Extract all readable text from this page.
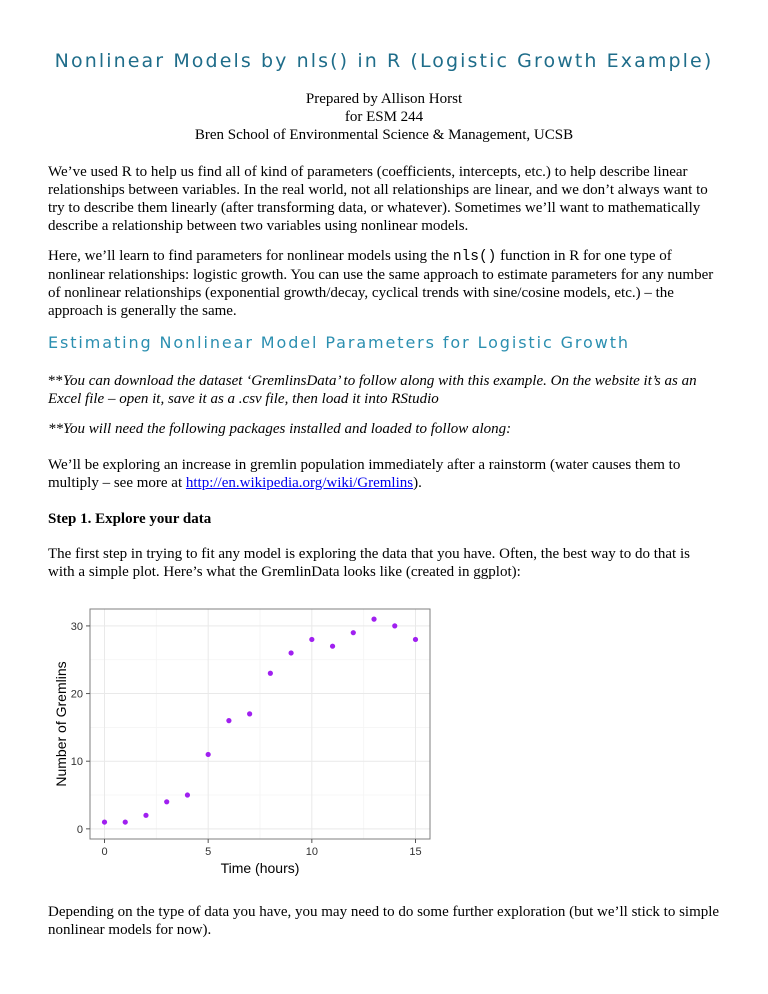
Nonlinear Models by nls() in R (Logistic Growth Example)
Prepared by Allison Horst
for ESM 244
Bren School of Environmental Science & Management, UCSB

We’ve used R to help us find all of kind of parameters (coefficients, intercepts, etc.) to help describe linear relationships between variables. In the real world, not all relationships are linear, and we don’t always want to try to describe them linearly (after transforming data, or whatever). Sometimes we’ll want to mathematically describe a relationship between two variables using nonlinear models.

Here, we’ll learn to find parameters for nonlinear models using the nls() function in R for one type of nonlinear relationships: logistic growth. You can use the same approach to estimate parameters for any number of nonlinear relationships (exponential growth/decay, cyclical trends with sine/cosine models, etc.) – the approach is generally the same.

Estimating Nonlinear Model Parameters for Logistic Growth

**You can download the dataset ‘GremlinsData’ to follow along with this example. On the website it’s as an Excel file – open it, save it as a .csv file, then load it into RStudio

**You will need the following packages installed and loaded to follow along:

We’ll be exploring an increase in gremlin population immediately after a rainstorm (water causes them to multiply – see more at http://en.wikipedia.org/wiki/Gremlins).

Step 1. Explore your data

The first step in trying to fit any model is exploring the data that you have. Often, the best way to do that is with a simple plot. Here’s what the GremlinData looks like (created in ggplot):

Depending on the type of data you have, you may need to do some further exploration (but we’ll stick to simple nonlinear models for now).

0	5	10	15
0
10
20
30
Time (hours)
Number of Gremlins
